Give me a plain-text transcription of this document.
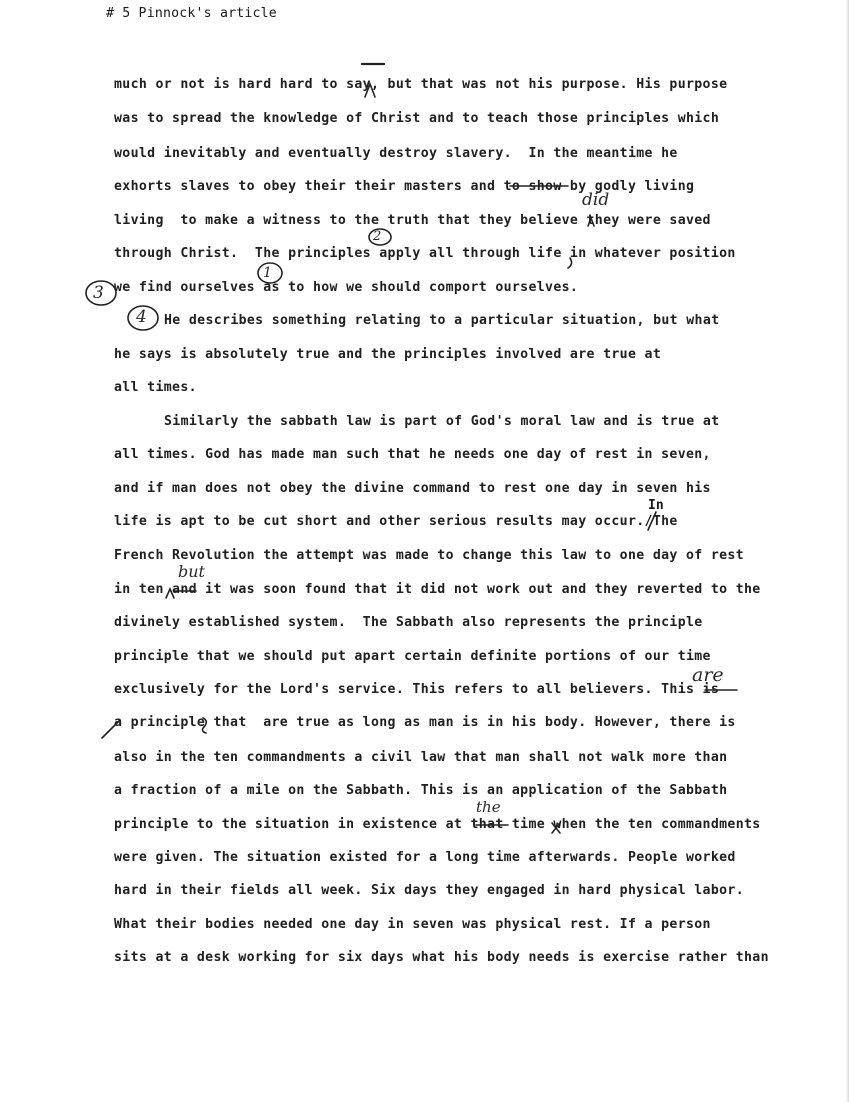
# 5 Pinnock's article
much or not is hard hard to say, but that was not his purpose. His purpose
was to spread the knowledge of Christ and to teach those principles which
would inevitably and eventually destroy slavery.  In the meantime he
exhorts slaves to obey their their masters and to show by godly living
living  to make a witness to the truth that they believe they were saved
through Christ.  The principles apply all through life in whatever position
we find ourselves as to how we should comport ourselves.
He describes something relating to a particular situation, but what
he says is absolutely true and the principles involved are true at
all times.
Similarly the sabbath law is part of God's moral law and is true at
all times. God has made man such that he needs one day of rest in seven,
and if man does not obey the divine command to rest one day in seven his
life is apt to be cut short and other serious results may occur./The
French Revolution the attempt was made to change this law to one day of rest
in ten and it was soon found that it did not work out and they reverted to the
divinely established system.  The Sabbath also represents the principle
principle that we should put apart certain definite portions of our time
exclusively for the Lord's service. This refers to all believers. This is
a principle that  are true as long as man is in his body. However, there is
also in the ten commandments a civil law that man shall not walk more than
a fraction of a mile on the Sabbath. This is an application of the Sabbath
principle to the situation in existence at that time when the ten commandments
were given. The situation existed for a long time afterwards. People worked
hard in their fields all week. Six days they engaged in hard physical labor.
What their bodies needed one day in seven was physical rest. If a person
sits at a desk working for six days what his body needs is exercise rather than
did
but
the
are
In
2
1
3
4
